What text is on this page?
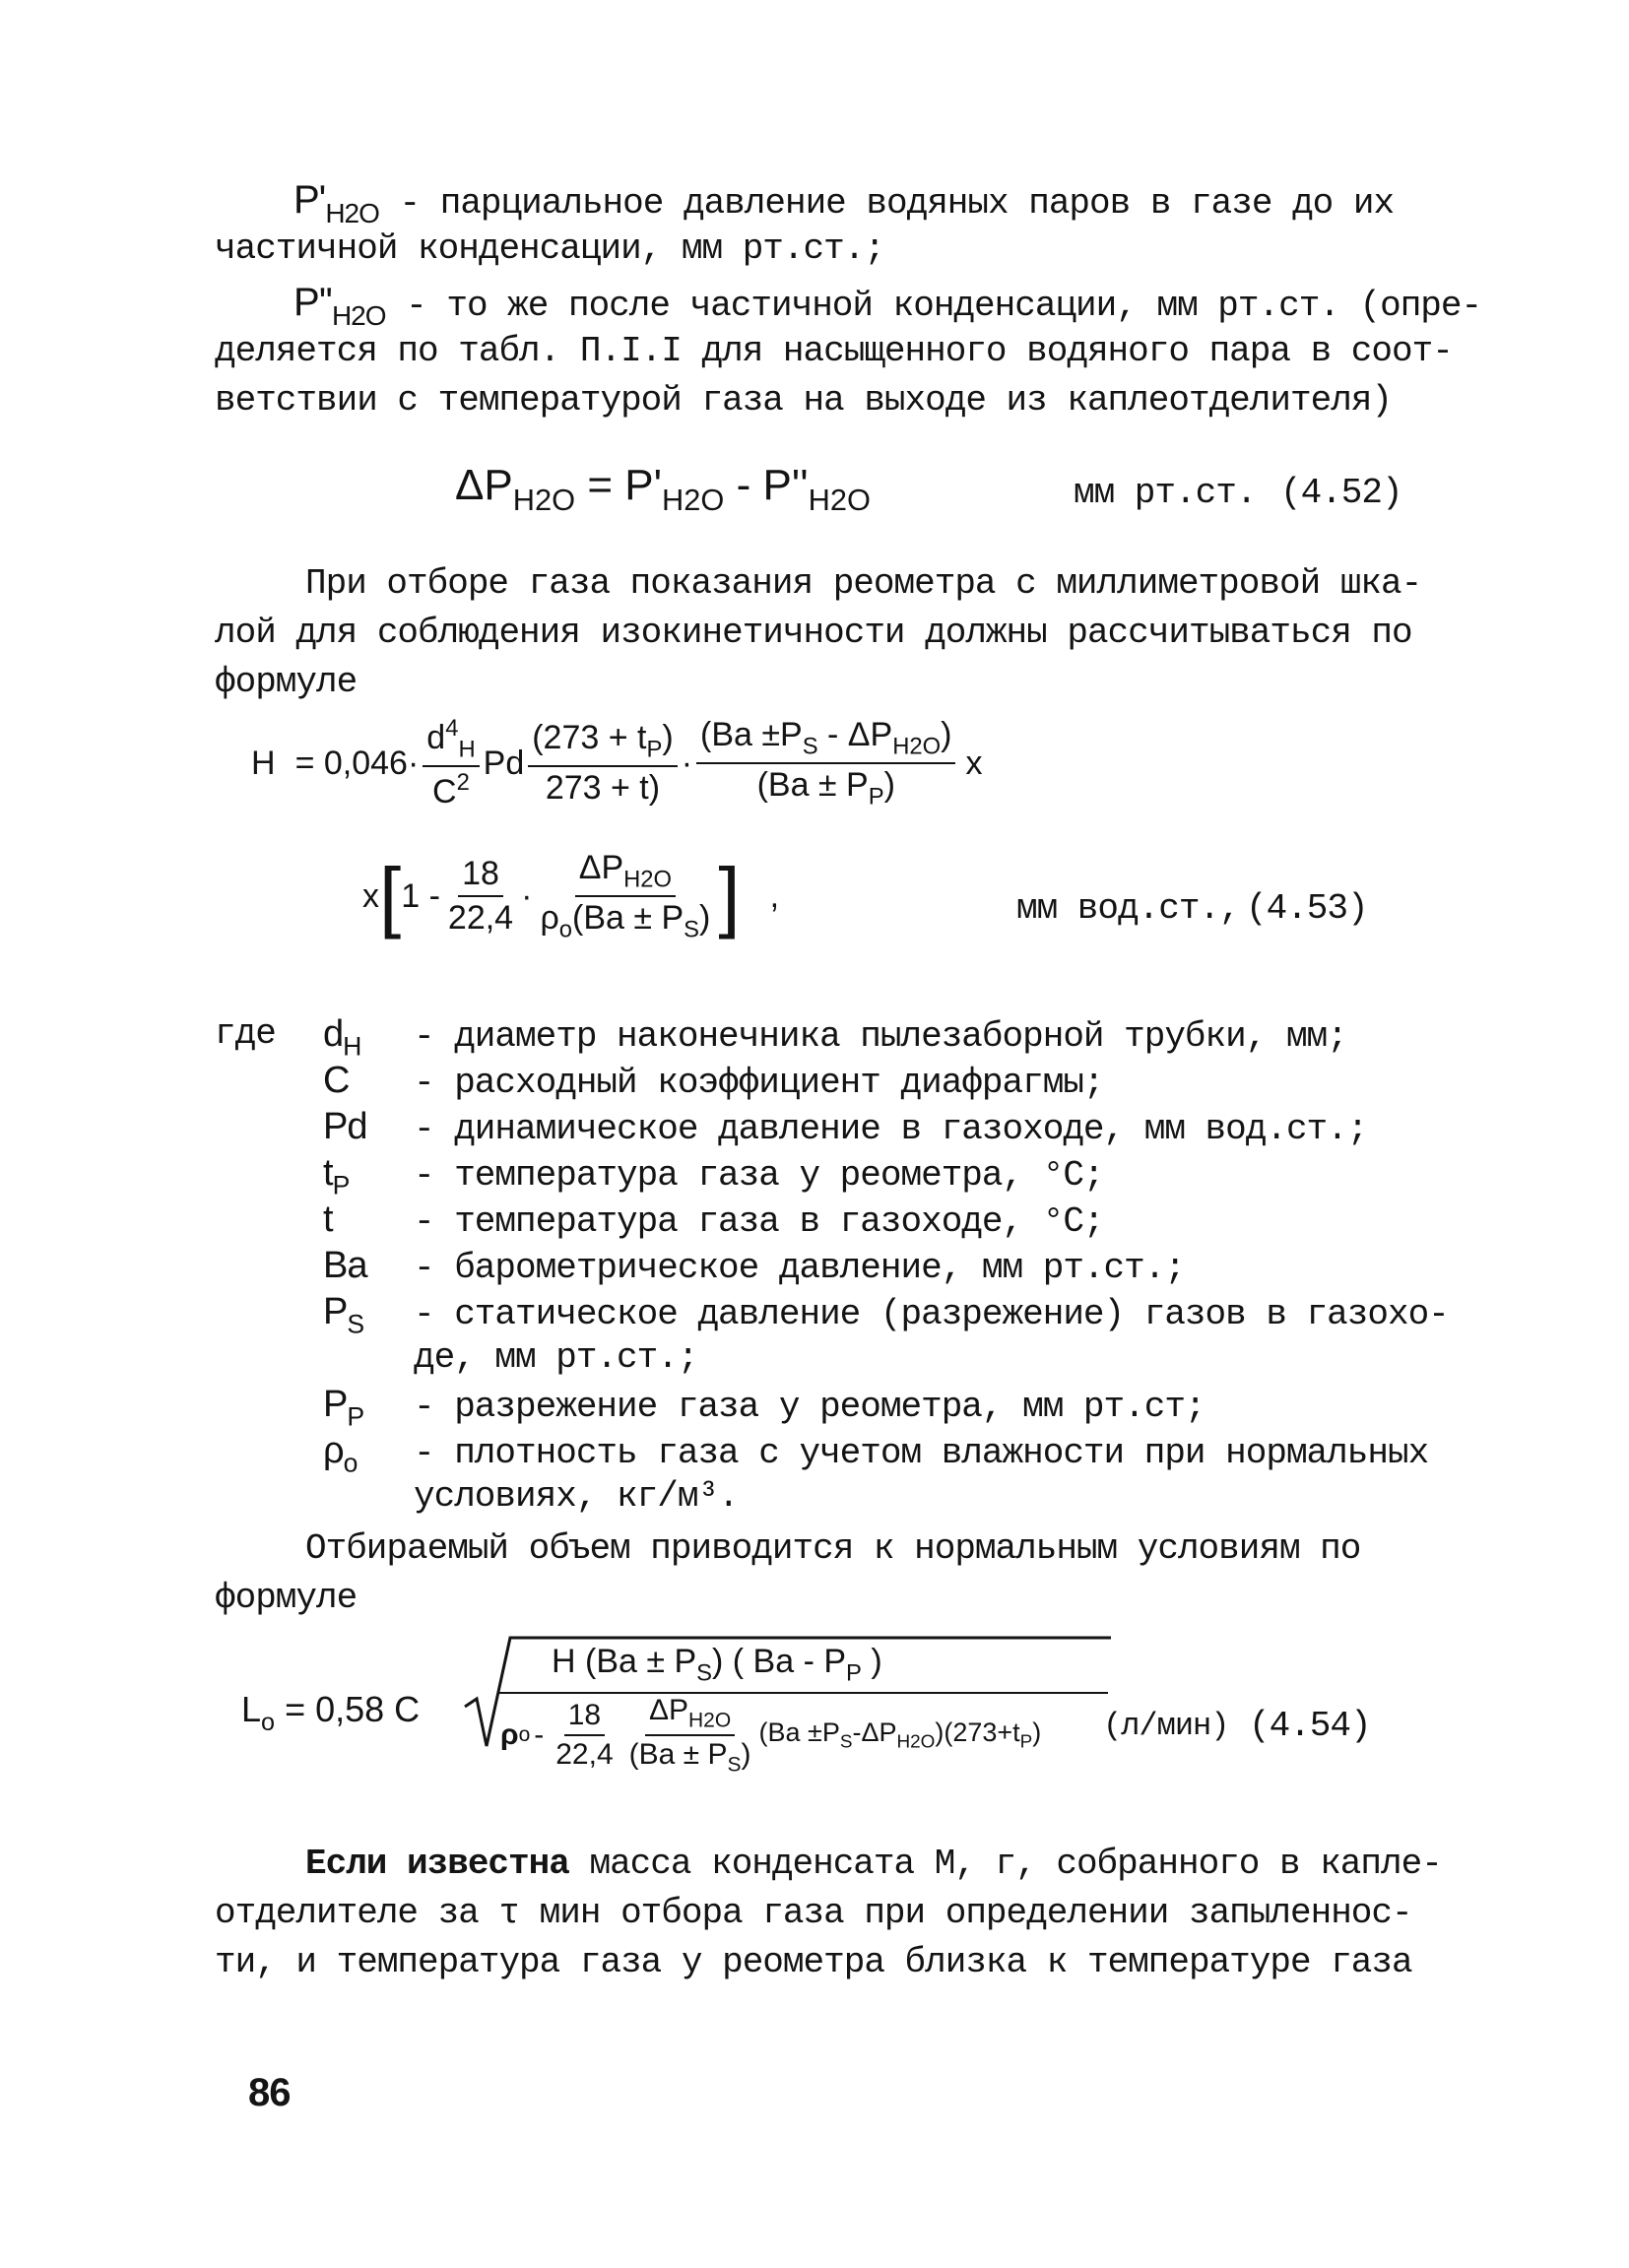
$P'_{H2O}$ - парциальное давление водяных паров в газе до их
частичной конденсации, мм рт.ст.;
$P''_{H2O}$ - то же после частичной конденсации, мм рт.ст. (опре-
деляется по табл. П.І.І для насыщенного водяного пара в соот-
ветствии с температурой газа на выходе из каплеотделителя)
$\Delta P_{H2O} = P'_{H2O} - P''_{H2O}$	мм рт.ст. (4.52)
При отборе газа показания реометра с миллиметровой шка-
лой для соблюдения изокинетичности должны рассчитываться по
формуле
$H = 0,046\cdot \frac{d^4_H}{C^2}$ Pd $\frac{(273 + t_P)}{273 + t)} \cdot \frac{(Ba \pm P_S - \Delta P_{H2O})}{(Ba \pm P_P)}$ x
x [ $1 - \frac{18}{22,4} \cdot \frac{\Delta P_{H2O}}{\rho_o(Ba \pm P_S)}$ ] ,	мм вод.ст., (4.53)
где $d_H$ - диаметр наконечника пылезаборной трубки, мм;
C - расходный коэффициент диафрагмы;
Pd - динамическое давление в газоходе, мм вод.ст.;
$t_P$ - температура газа у реометра, °C;
t - температура газа в газоходе, °C;
Ba - барометрическое давление, мм рт.ст.;
$P_S$ - статическое давление (разрежение) газов в газохо-
де, мм рт.ст.;
$P_P$ - разрежение газа у реометра, мм рт.ст;
$\rho_o$ - плотность газа с учетом влажности при нормальных
условиях, кг/м³.
Отбираемый объем приводится к нормальным условиям по
формуле
$L_o = 0,58$ C
H $(Ba \pm P_S)$ ( Ba - $P_P$ )
ρ $o - \frac{18}{22,4} \frac{\Delta P_{H2O}}{(Ba \pm P_S)} (Ba \pm P_S-\Delta P_{H2O})(273+t_P)$ (л/мин) (4.54)
Если известна масса конденсата М, г, собранного в капле-
отделителе за τ мин отбора газа при определении запыленнос-
ти, и температура газа у реометра близка к температуре газа
86
